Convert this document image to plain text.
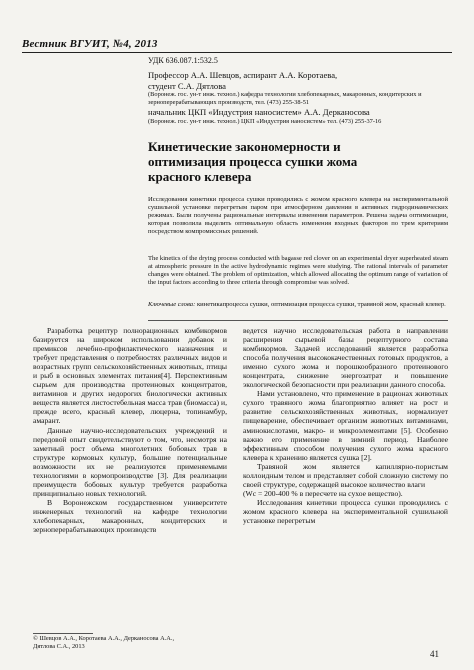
Вестник ВГУИТ, №4, 2013
УДК 636.087.1:532.5
Профессор А.А. Шевцов, аспирант А.А. Коротаева,
студент С.А. Дятлова
(Воронеж. гос. ун-т инж. технол.) кафедра технологии хлебопекарных, макаронных, кондитерских и зерноперерабатывающих производств, тел. (473) 255-38-51
начальник ЦКП «Индустрия наносистем» А.А. Дерканосова
(Воронеж. гос. ун-т инж. технол.) ЦКП «Индустрия наносистем» тел. (473) 255-37-16
Кинетические закономерности и
оптимизация процесса сушки жома
красного клевера
Исследования кинетики процесса сушки проводились с жомом красного клевера на экспериментальной сушильной установке перегретым паром при атмосферном давлении в активных гидродинамических режимах. Были получены рациональные интервалы изменения параметров. Решена задача оптимизации, которая позволила выделить оптимальную область изменения входных факторов по трем критериям посредством компромиссных решений.
The kinetics of the drying process conducted with bagasse red clover on an experimental dryer superheated steam at atmospheric pressure in the active hydrodynamic regimes were studying. The rational intervals of parameter changes were obtained. The problem of optimization, which allowed allocating the optimum range of variation of the input factors according to three criteria through compromise was solved.
Ключевые слова: кинетикапроцесса сушки, оптимизация процесса сушки, травяной жом, красный клевер.

Разработка рецептур полнорационных комбикормов базируется на широком использовании добавок и премиксов лечебно-профилактического назначения и требует представления о потребностях различных видов и возрастных групп сельскохозяйственных животных, птицы и рыб в основных элементах питания[4]. Перспективным сырьем для производства протеиновых концентратов, витаминов и других недорогих биологически активных веществ является листостебельная масса трав (биомасса) и, прежде всего, красный клевер, люцерна, топинамбур, амарант.

Данные научно-исследовательских учреждений и передовой опыт свидетельствуют о том, что, несмотря на заметный рост объема многолетних бобовых трав в структуре кормовых культур, большие потенциальные возможности их не реализуются применяемыми технологиями в кормопроизводстве [3]. Для реализации преимуществ бобовых культур требуется разработка принципиально новых технологий.

В Воронежском государственном университете инженерных технологий на кафедре технологии хлебопекарных, макаронных, кондитерских и зерноперерабатывающих производств

ведется научно исследовательская работа в направлении расширения сырьевой базы рецептурного состава комбикормов. Задачей исследований является разработка способа получения высококачественных готовых продуктов, а именно сухого жома и порошкообразного протеинового концентрата, снижение энергозатрат и повышение экологической безопасности при реализации данного способа.

Нами установлено, что применение в рационах животных сухого травяного жома благоприятно влияет на рост и развитие сельскохозяйственных животных, нормализует пищеварение, обеспечивает организм животных витаминами, аминокислотами, макро- и микроэлементами [5]. Особенно важно его применение в зимний период. Наиболее эффективным способом получения сухого жома красного клевера к хранению является сушка [2].

Травяной жом является капиллярно-пористым коллоидным телом и представляет собой сложную систему по своей структуре, содержащей высокое количество влаги

(Wc = 200-400 % в пересчете на сухое вещество).

Исследования кинетики процесса сушки проводились с жомом красного клевера на экспериментальной сушильной установке перегретым

© Шевцов А.А., Коротаева А.А., Дерканосова А.А.,
Дятлова С.А., 2013
41
